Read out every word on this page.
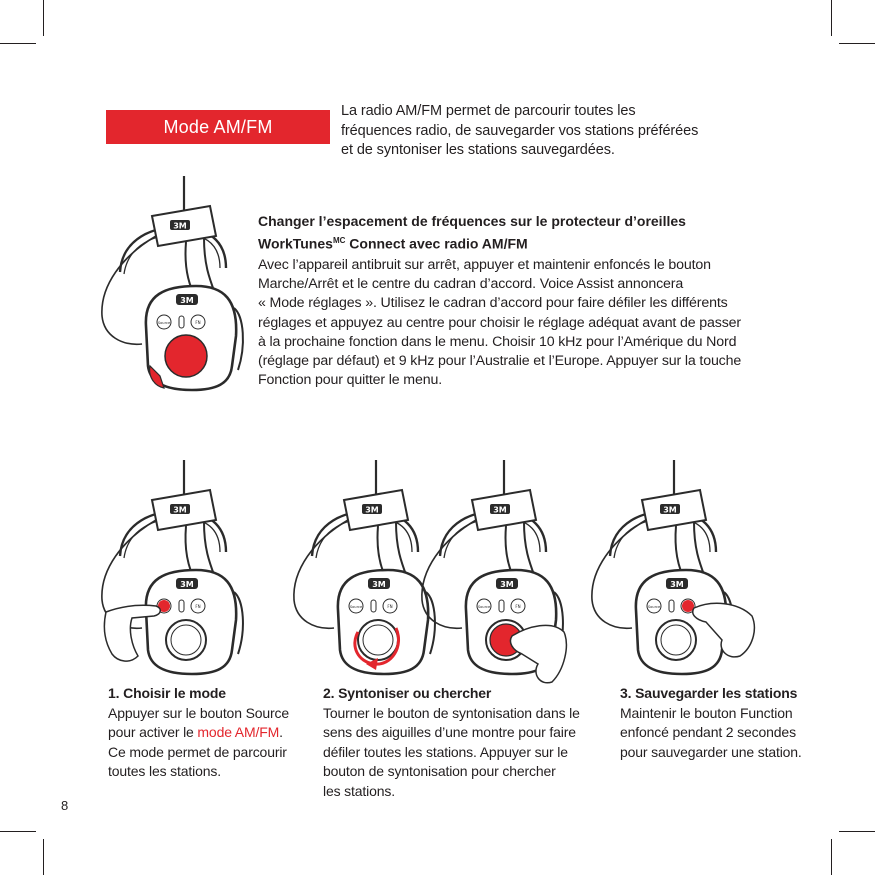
Mode AM/FM
La radio AM/FM permet de parcourir toutes les
fréquences radio, de sauvegarder vos stations préférées
et de syntoniser les stations sauvegardées.
Changer l’espacement de fréquences sur le protecteur d’oreilles
WorkTunes$^{MC}$ Connect avec radio AM/FM
Avec l’appareil antibruit sur arrêt, appuyer et maintenir enfoncés le bouton
Marche/Arrêt et le centre du cadran d’accord. Voice Assist annoncera
« Mode réglages ». Utilisez le cadran d’accord pour faire défiler les différents
réglages et appuyez au centre pour choisir le réglage adéquat avant de passer
à la prochaine fonction dans le menu. Choisir 10 kHz pour l’Amérique du Nord
(réglage par défaut) et 9 kHz pour l’Australie et l’Europe. Appuyer sur la touche
Fonction pour quitter le menu.
1. Choisir le mode
Appuyer sur le bouton Source
pour activer le mode AM/FM.
Ce mode permet de parcourir
toutes les stations.
2. Syntoniser ou chercher
Tourner le bouton de syntonisation dans le
sens des aiguilles d’une montre pour faire
défiler toutes les stations. Appuyer sur le
bouton de syntonisation pour chercher
les stations.
3. Sauvegarder les stations
Maintenir le bouton Function
enfoncé pendant 2 secondes
pour sauvegarder une station.
8
